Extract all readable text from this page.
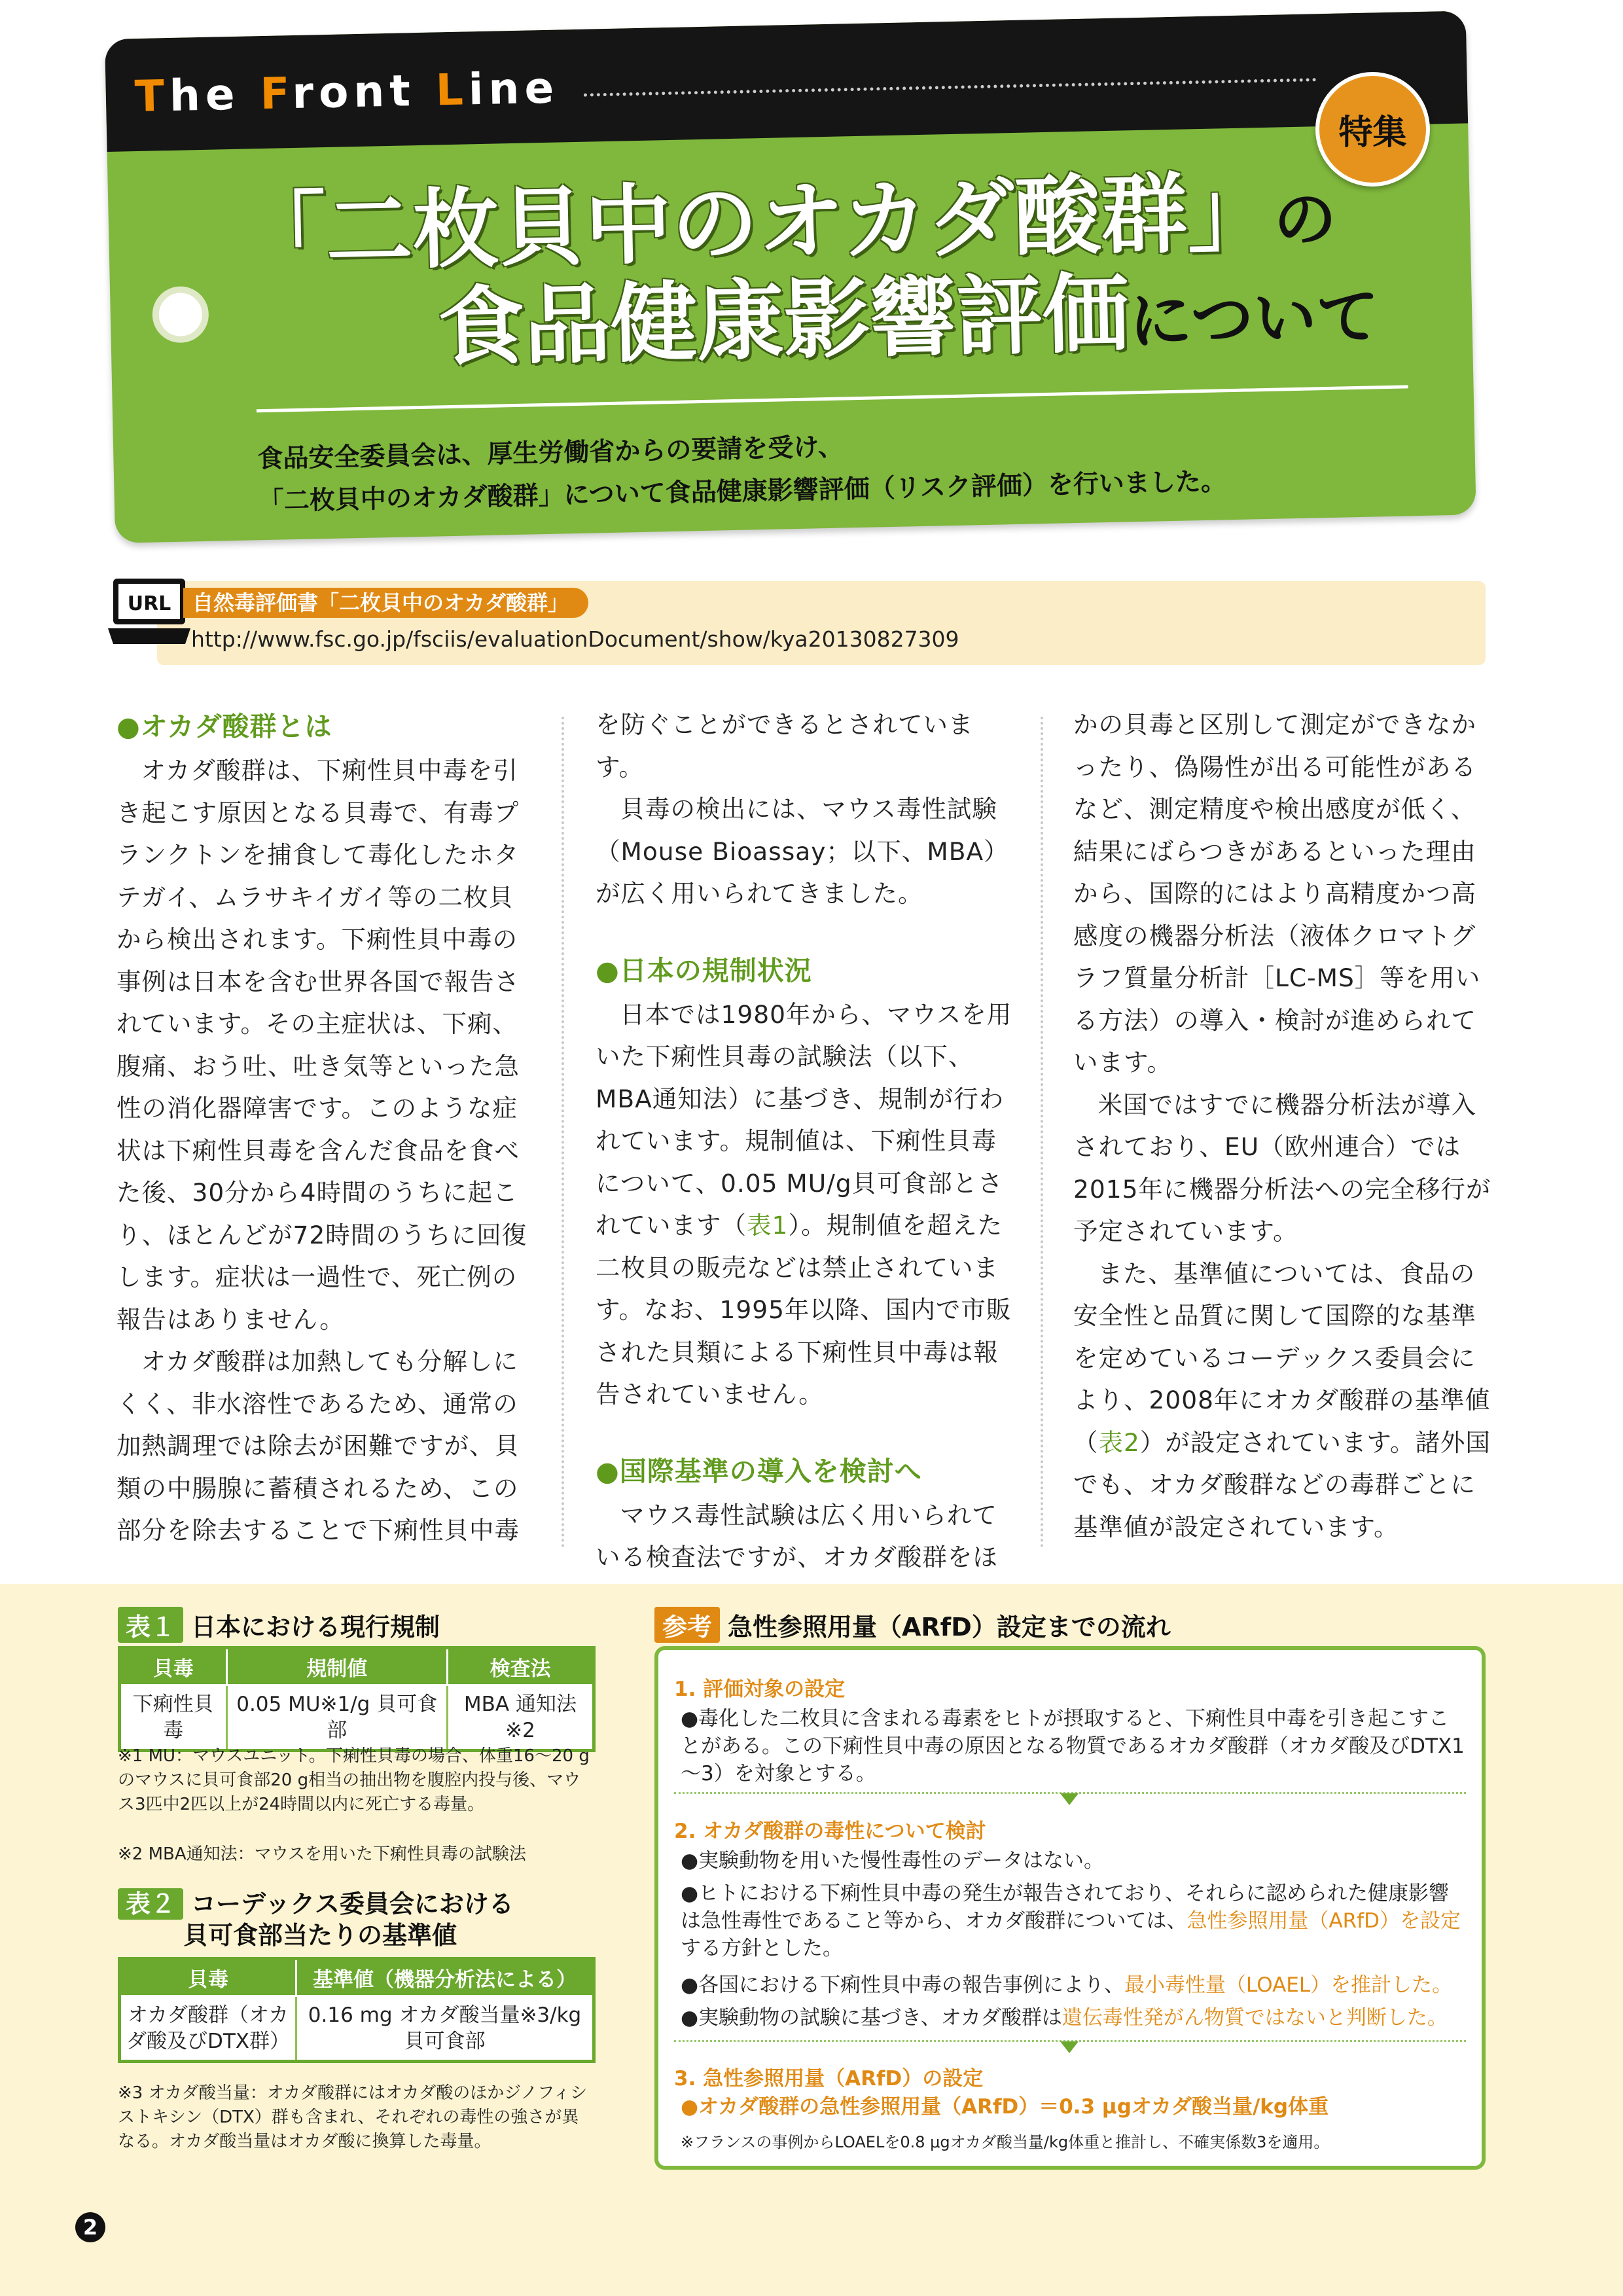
The Front Line
「二枚貝中のオカダ酸群」の
食品健康影響評価について
食品安全委員会は、厚生労働省からの要請を受け、
「二枚貝中のオカダ酸群」について食品健康影響評価（リスク評価）を行いました。
特集
URL	自然毒評価書「二枚貝中のオカダ酸群」
http://www.fsc.go.jp/fsciis/evaluationDocument/show/kya20130827309
●オカダ酸群とは

オカダ酸群は、下痢性貝中毒を引き起こす原因となる貝毒で、有毒プランクトンを捕食して毒化したホタテガイ、ムラサキイガイ等の二枚貝から検出されます。下痢性貝中毒の事例は日本を含む世界各国で報告されています。その主症状は、下痢、腹痛、おう吐、吐き気等といった急性の消化器障害です。このような症状は下痢性貝毒を含んだ食品を食べた後、30分から4時間のうちに起こり、ほとんどが72時間のうちに回復します。症状は一過性で、死亡例の報告はありません。

オカダ酸群は加熱しても分解しにくく、非水溶性であるため、通常の加熱調理では除去が困難ですが、貝類の中腸腺に蓄積されるため、この部分を除去することで下痢性貝中毒

を防ぐことができるとされています。

貝毒の検出には、マウス毒性試験（Mouse Bioassay；以下、MBA）が広く用いられてきました。

●日本の規制状況

日本では1980年から、マウスを用いた下痢性貝毒の試験法（以下、MBA通知法）に基づき、規制が行われています。規制値は、下痢性貝毒について、0.05 MU/g貝可食部とされています（表1）。規制値を超えた二枚貝の販売などは禁止されています。なお、1995年以降、国内で市販された貝類による下痢性貝中毒は報告されていません。

●国際基準の導入を検討へ

マウス毒性試験は広く用いられている検査法ですが、オカダ酸群をほ

かの貝毒と区別して測定ができなかったり、偽陽性が出る可能性があるなど、測定精度や検出感度が低く、結果にばらつきがあるといった理由から、国際的にはより高精度かつ高感度の機器分析法（液体クロマトグラフ質量分析計［LC-MS］等を用いる方法）の導入・検討が進められています。

米国ではすでに機器分析法が導入されており、EU（欧州連合）では2015年に機器分析法への完全移行が予定されています。

また、基準値については、食品の安全性と品質に関して国際的な基準を定めているコーデックス委員会により、2008年にオカダ酸群の基準値（表2）が設定されています。諸外国でも、オカダ酸群などの毒群ごとに基準値が設定されています。

表１ 日本における現行規制
貝毒	規制値	検査法
下痢性貝毒	0.05 MU※1/g 貝可食部	MBA 通知法※2
※1 MU：マウスユニット。下痢性貝毒の場合、体重16～20 gのマウスに貝可食部20 g相当の抽出物を腹腔内投与後、マウス3匹中2匹以上が24時間以内に死亡する毒量。
※2 MBA通知法：マウスを用いた下痢性貝毒の試験法
表２ コーデックス委員会における
貝可食部当たりの基準値
貝毒	基準値（機器分析法による）
オカダ酸群（オカダ酸及びDTX群）	0.16 mg オカダ酸当量※3/kg 貝可食部
※3 オカダ酸当量：オカダ酸群にはオカダ酸のほかジノフィシストキシン（DTX）群も含まれ、それぞれの毒性の強さが異なる。オカダ酸当量はオカダ酸に換算した毒量。
参考 急性参照用量（ARfD）設定までの流れ
1. 評価対象の設定
●毒化した二枚貝に含まれる毒素をヒトが摂取すると、下痢性貝中毒を引き起こすことがある。この下痢性貝中毒の原因となる物質であるオカダ酸群（オカダ酸及びDTX1～3）を対象とする。
2. オカダ酸群の毒性について検討
●実験動物を用いた慢性毒性のデータはない。
●ヒトにおける下痢性貝中毒の発生が報告されており、それらに認められた健康影響は急性毒性であること等から、オカダ酸群については、急性参照用量（ARfD）を設定する方針とした。
●各国における下痢性貝中毒の報告事例により、最小毒性量（LOAEL）を推計した。
●実験動物の試験に基づき、オカダ酸群は遺伝毒性発がん物質ではないと判断した。
3. 急性参照用量（ARfD）の設定
●オカダ酸群の急性参照用量（ARfD）＝0.3 μgオカダ酸当量/kg体重
※フランスの事例からLOAELを0.8 μgオカダ酸当量/kg体重と推計し、不確実係数3を適用。
2
